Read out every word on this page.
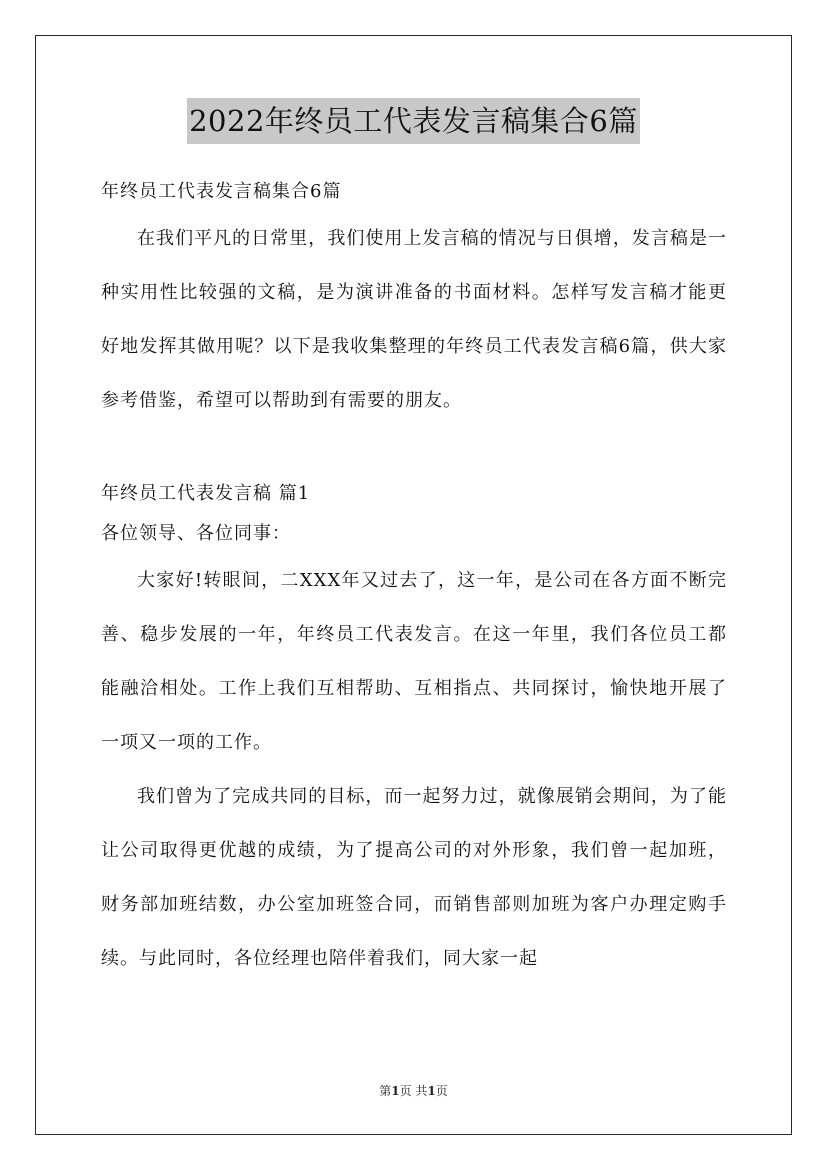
2022年终员工代表发言稿集合6篇

年终员工代表发言稿集合6篇

在我们平凡的日常里，我们使用上发言稿的情况与日俱增，发言稿是一种实用性比较强的文稿，是为演讲准备的书面材料。怎样写发言稿才能更好地发挥其做用呢？以下是我收集整理的年终员工代表发言稿6篇，供大家参考借鉴，希望可以帮助到有需要的朋友。

年终员工代表发言稿 篇1

各位领导、各位同事：

大家好!转眼间，二XXX年又过去了，这一年，是公司在各方面不断完善、稳步发展的一年，年终员工代表发言。在这一年里，我们各位员工都能融洽相处。工作上我们互相帮助、互相指点、共同探讨，愉快地开展了一项又一项的工作。

我们曾为了完成共同的目标，而一起努力过，就像展销会期间，为了能让公司取得更优越的成绩，为了提高公司的对外形象，我们曾一起加班，财务部加班结数，办公室加班签合同，而销售部则加班为客户办理定购手续。与此同时，各位经理也陪伴着我们，同大家一起

第1页 共1页
